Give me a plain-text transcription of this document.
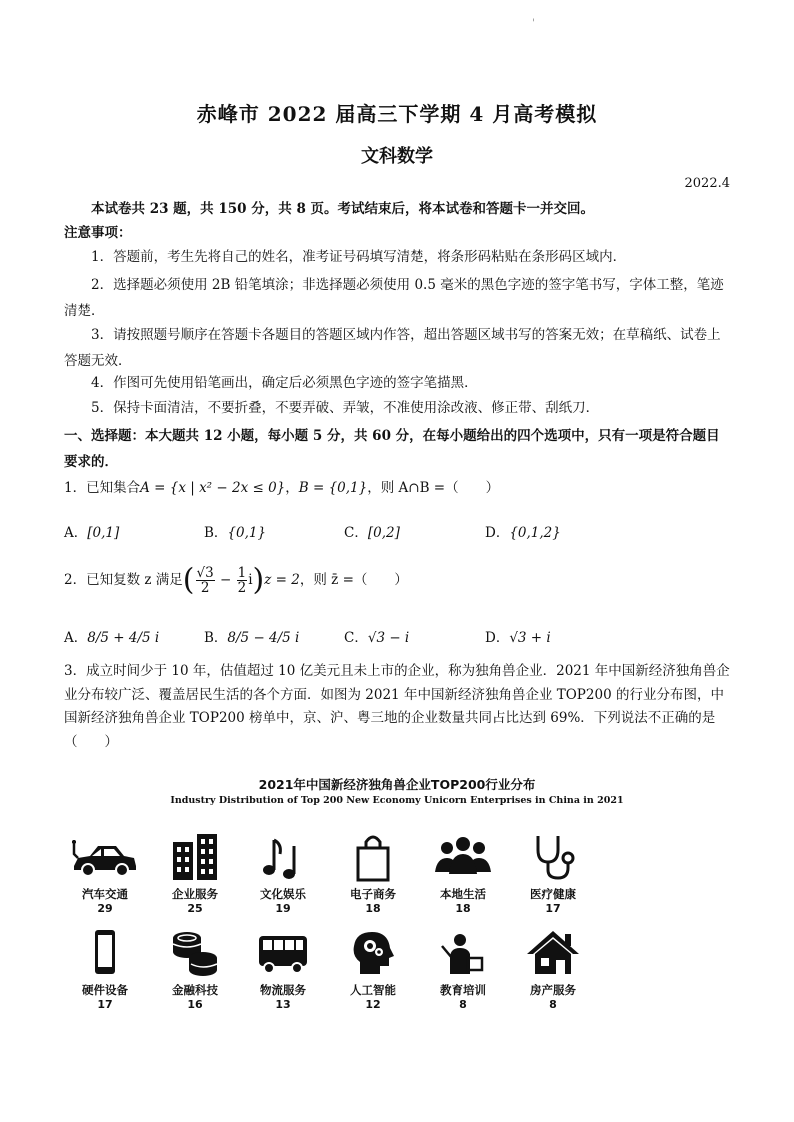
'
赤峰市 2022 届高三下学期 4 月高考模拟
文科数学
2022.4
本试卷共 23 题，共 150 分，共 8 页。考试结束后，将本试卷和答题卡一并交回。
注意事项：
1．答题前，考生先将自己的姓名，准考证号码填写清楚，将条形码粘贴在条形码区域内．
2．选择题必须使用 2B 铅笔填涂；非选择题必须使用 0.5 毫米的黑色字迹的签字笔书写，字体工整，笔迹清楚．
3．请按照题号顺序在答题卡各题目的答题区域内作答，超出答题区域书写的答案无效；在草稿纸、试卷上答题无效．
4．作图可先使用铅笔画出，确定后必须黑色字迹的签字笔描黑．
5．保持卡面清洁，不要折叠，不要弄破、弄皱，不准使用涂改液、修正带、刮纸刀．
一、选择题：本大题共 12 小题，每小题 5 分，共 60 分，在每小题给出的四个选项中，只有一项是符合题目要求的．
1．已知集合A = {x | x² − 2x ≤ 0}，B = {0,1}，则 A∩B =（　　）
A．[0,1]	B．{0,1}	C．[0,2]	D．{0,1,2}
2．已知复数 z 满足( $\frac{√3}{2} - \frac{1}{2} i)z = 2$，则 z̄ =（　　）
A．8/5 + 4/5 i	B．8/5 − 4/5 i	C．√3 − i	D．√3 + i
3．成立时间少于 10 年，估值超过 10 亿美元且未上市的企业，称为独角兽企业．2021 年中国新经济独角兽企业分布较广泛、覆盖居民生活的各个方面．如图为 2021 年中国新经济独角兽企业 TOP200 的行业分布图，中国新经济独角兽企业 TOP200 榜单中，京、沪、粤三地的企业数量共同占比达到 69%．下列说法不正确的是（　　）
2021年中国新经济独角兽企业TOP200行业分布
Industry Distribution of Top 200 New Economy Unicorn Enterprises in China in 2021
汽车交通
29
企业服务
25
文化娱乐
19
电子商务
18
本地生活
18
医疗健康
17
硬件设备
17
金融科技
16
物流服务
13
人工智能
12
教育培训
8
房产服务
8
